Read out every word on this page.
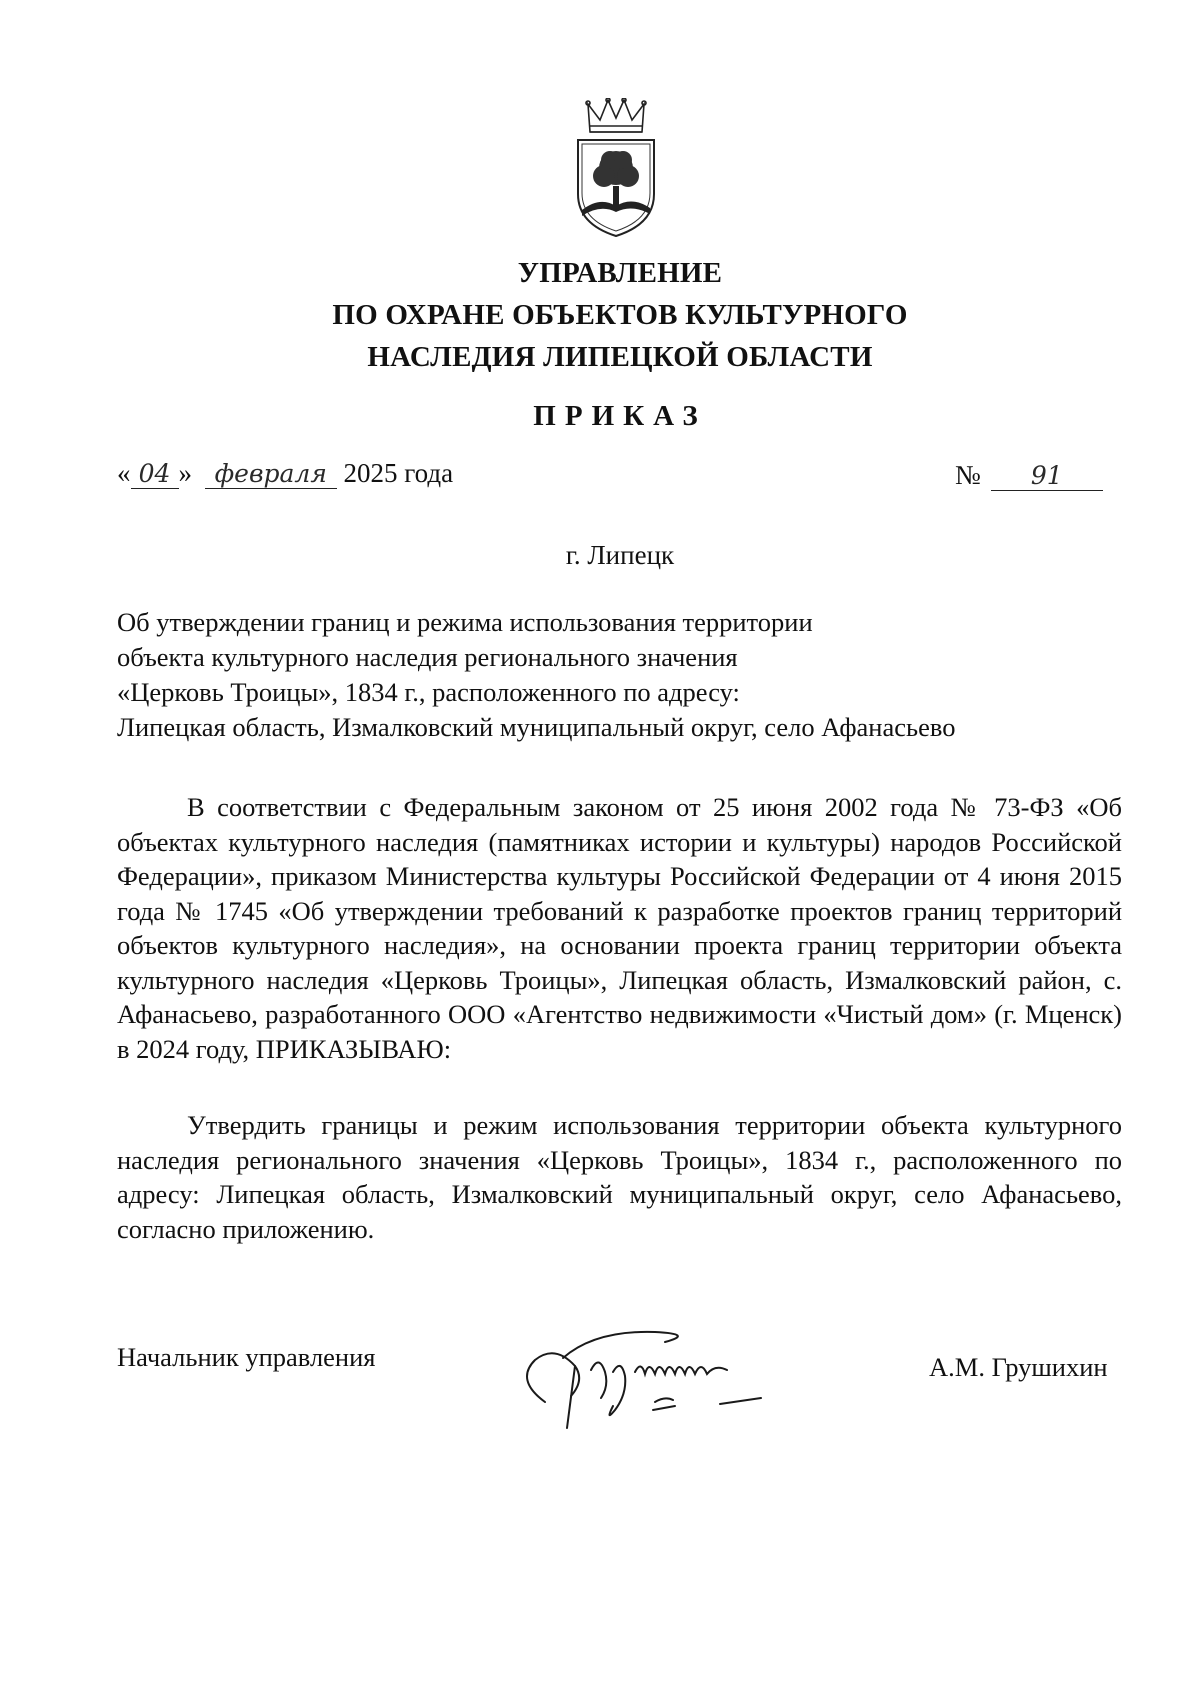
УПРАВЛЕНИЕ
ПО ОХРАНЕ ОБЪЕКТОВ КУЛЬТУРНОГО
НАСЛЕДИЯ ЛИПЕЦКОЙ ОБЛАСТИ
ПРИКАЗ
« 04 » февраля 2025 года	№ 91
г. Липецк
Об утверждении границ и режима использования территории
объекта культурного наследия регионального значения
«Церковь Троицы», 1834 г., расположенного по адресу:
Липецкая область, Измалковский муниципальный округ, село Афанасьево
В соответствии с Федеральным законом от 25 июня 2002 года № 73-ФЗ «Об объектах культурного наследия (памятниках истории и культуры) народов Российской Федерации», приказом Министерства культуры Российской Федерации от 4 июня 2015 года № 1745 «Об утверждении требований к разработке проектов границ территорий объектов культурного наследия», на основании проекта границ территории объекта культурного наследия «Церковь Троицы», Липецкая область, Измалковский район, с. Афанасьево, разработанного ООО «Агентство недвижимости «Чистый дом» (г. Мценск) в 2024 году, ПРИКАЗЫВАЮ:
Утвердить границы и режим использования территории объекта культурного наследия регионального значения «Церковь Троицы», 1834 г., расположенного по адресу: Липецкая область, Измалковский муниципальный округ, село Афанасьево, согласно приложению.
Начальник управления	А.М. Грушихин
